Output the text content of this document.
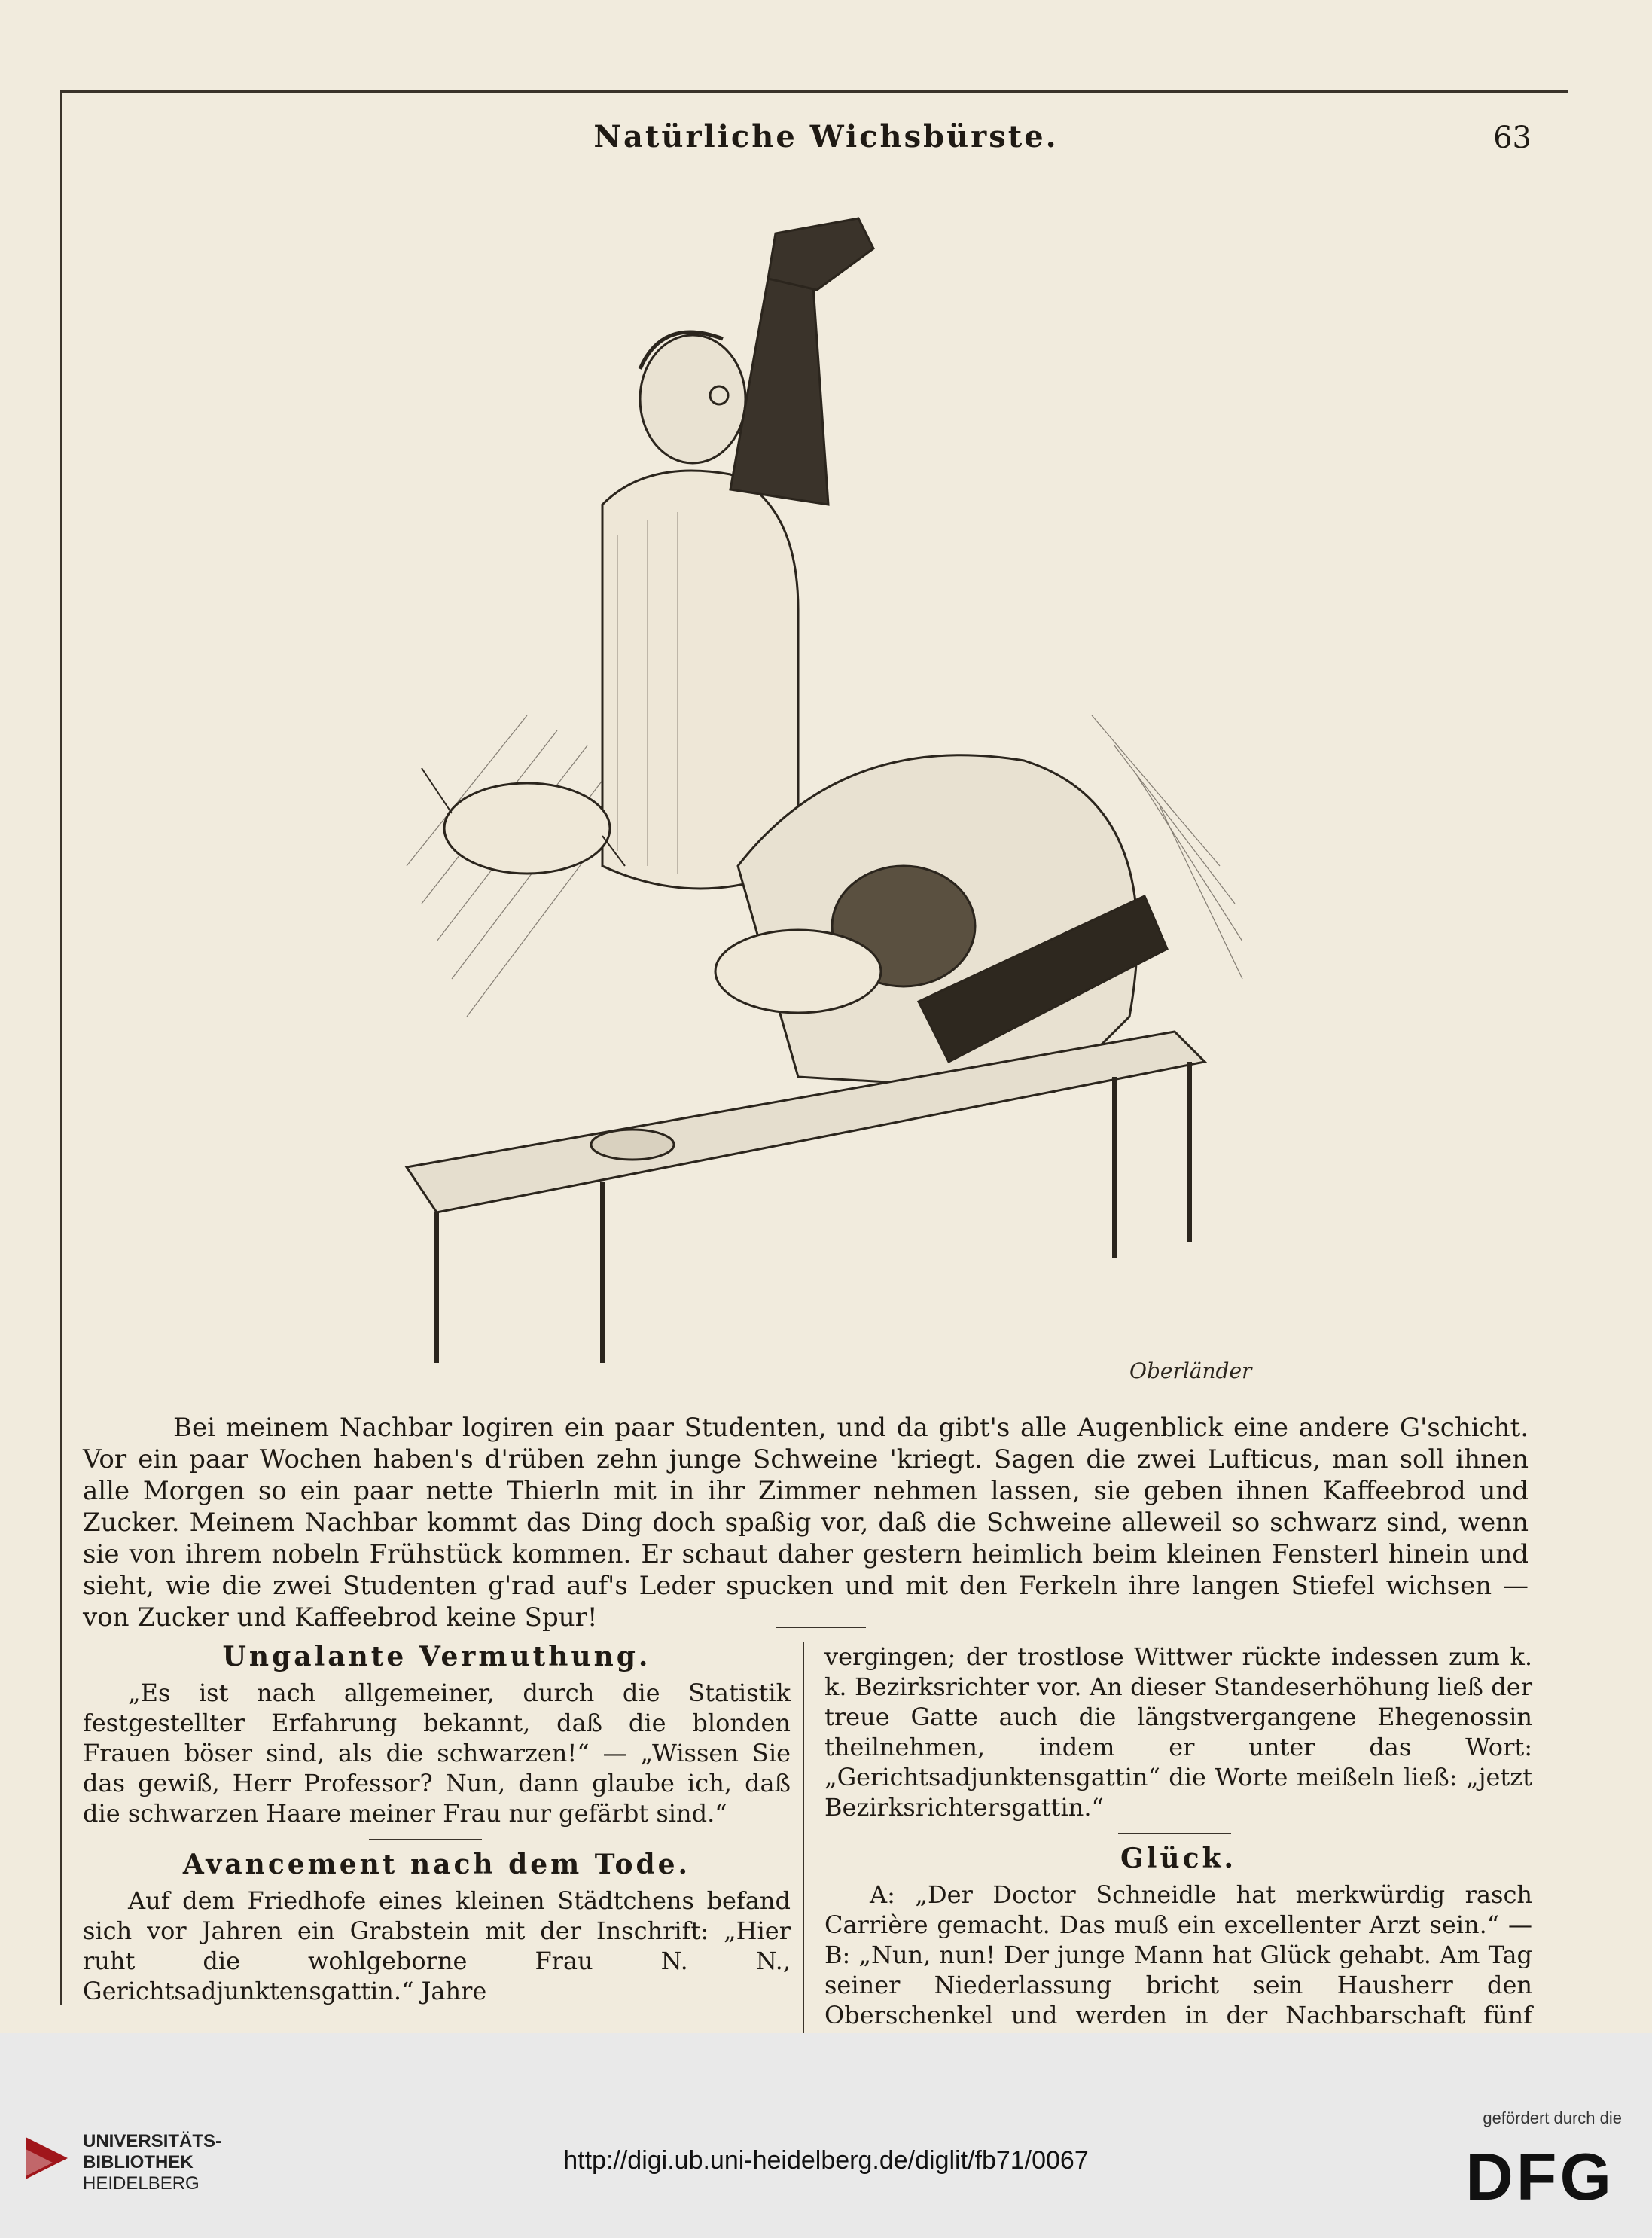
Natürliche Wichsbürste.	63
Oberländer
Bei meinem Nachbar logiren ein paar Studenten, und da gibt's alle Augenblick eine andere G'schicht. Vor ein paar Wochen haben's d'rüben zehn junge Schweine 'kriegt. Sagen die zwei Lufticus, man soll ihnen alle Morgen so ein paar nette Thierln mit in ihr Zimmer nehmen lassen, sie geben ihnen Kaffeebrod und Zucker. Meinem Nachbar kommt das Ding doch spaßig vor, daß die Schweine alleweil so schwarz sind, wenn sie von ihrem nobeln Frühstück kommen. Er schaut daher gestern heimlich beim kleinen Fensterl hinein und sieht, wie die zwei Studenten g'rad auf's Leder spucken und mit den Ferkeln ihre langen Stiefel wichsen — von Zucker und Kaffeebrod keine Spur!

Ungalante Vermuthung.

„Es ist nach allgemeiner, durch die Statistik festgestellter Erfahrung bekannt, daß die blonden Frauen böser sind, als die schwarzen!“ — „Wissen Sie das gewiß, Herr Professor? Nun, dann glaube ich, daß die schwarzen Haare meiner Frau nur gefärbt sind.“

Avancement nach dem Tode.

Auf dem Friedhofe eines kleinen Städtchens befand sich vor Jahren ein Grabstein mit der Inschrift: „Hier ruht die wohlgeborne Frau N. N., Gerichtsadjunktensgattin.“ Jahre

vergingen; der trostlose Wittwer rückte indessen zum k. k. Bezirksrichter vor. An dieser Standeserhöhung ließ der treue Gatte auch die längstvergangene Ehegenossin theilnehmen, indem er unter das Wort: „Gerichtsadjunktensgattin“ die Worte meißeln ließ: „jetzt Bezirksrichtersgattin.“

Glück.

A: „Der Doctor Schneidle hat merkwürdig rasch Carrière gemacht. Das muß ein excellenter Arzt sein.“ — B: „Nun, nun! Der junge Mann hat Glück gehabt. Am Tag seiner Niederlassung bricht sein Hausherr den Oberschenkel und werden in der Nachbarschaft fünf

UNIVERSITÄTS-
BIBLIOTHEK
HEIDELBERG
http://digi.ub.uni-heidelberg.de/diglit/fb71/0067
gefördert durch die
DFG
